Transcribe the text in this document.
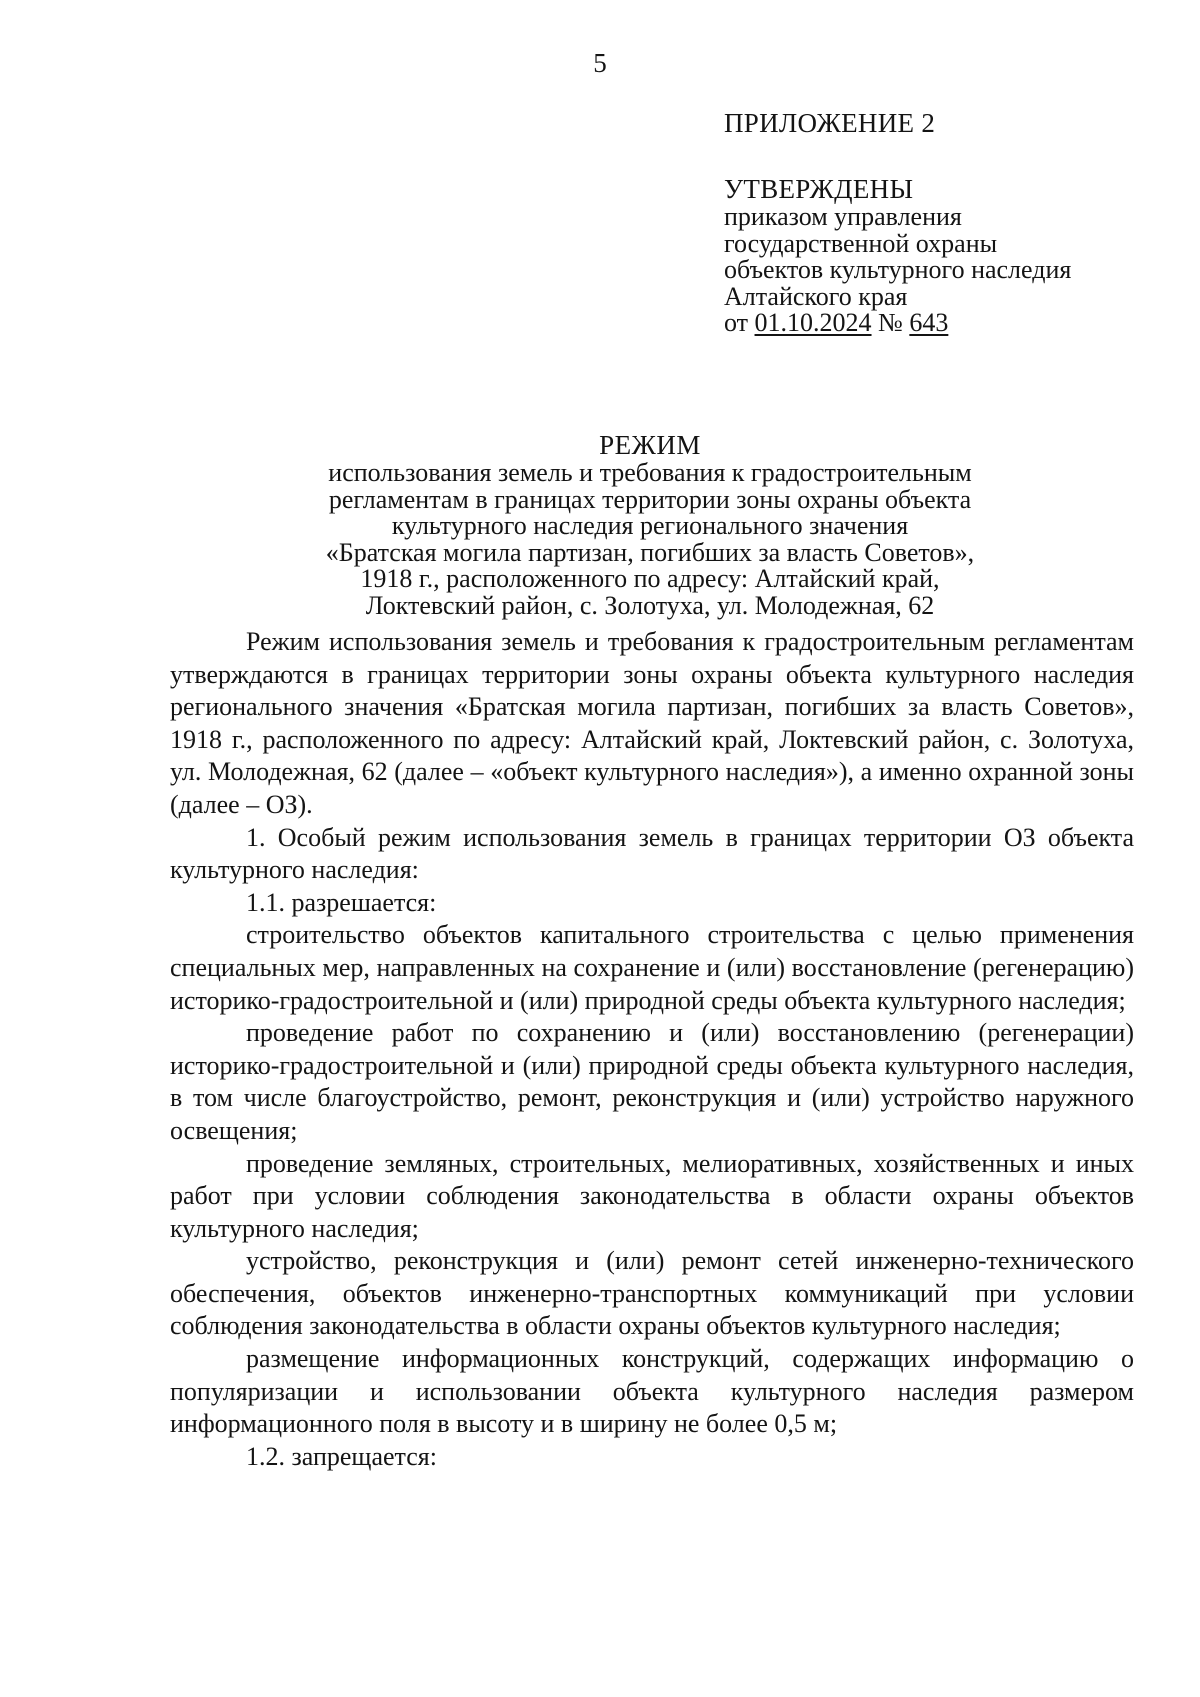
5
ПРИЛОЖЕНИЕ 2
УТВЕРЖДЕНЫ
приказом управления
государственной охраны
объектов культурного наследия
Алтайского края
от 01.10.2024 № 643
РЕЖИМ
использования земель и требования к градостроительным
регламентам в границах территории зоны охраны объекта
культурного наследия регионального значения
«Братская могила партизан, погибших за власть Советов»,
1918 г., расположенного по адресу: Алтайский край,
Локтевский район, с. Золотуха, ул. Молодежная, 62

Режим использования земель и требования к градостроительным регламентам утверждаются в границах территории зоны охраны объекта культурного наследия регионального значения «Братская могила партизан, погибших за власть Советов», 1918 г., расположенного по адресу: Алтайский край, Локтевский район, с. Золотуха, ул. Молодежная, 62 (далее – «объект культурного наследия»), а именно охранной зоны (далее – ОЗ).

1. Особый режим использования земель в границах территории ОЗ объекта культурного наследия:

1.1. разрешается:

строительство объектов капитального строительства с целью применения специальных мер, направленных на сохранение и (или) восстановление (регенерацию) историко-градостроительной и (или) природной среды объекта культурного наследия;

проведение работ по сохранению и (или) восстановлению (регенерации) историко-градостроительной и (или) природной среды объекта культурного наследия, в том числе благоустройство, ремонт, реконструкция и (или) устройство наружного освещения;

проведение земляных, строительных, мелиоративных, хозяйственных и иных работ при условии соблюдения законодательства в области охраны объектов культурного наследия;

устройство, реконструкция и (или) ремонт сетей инженерно-технического обеспечения, объектов инженерно-транспортных коммуникаций при условии соблюдения законодательства в области охраны объектов культурного наследия;

размещение информационных конструкций, содержащих информацию о популяризации и использовании объекта культурного наследия размером информационного поля в высоту и в ширину не более 0,5 м;

1.2. запрещается:
